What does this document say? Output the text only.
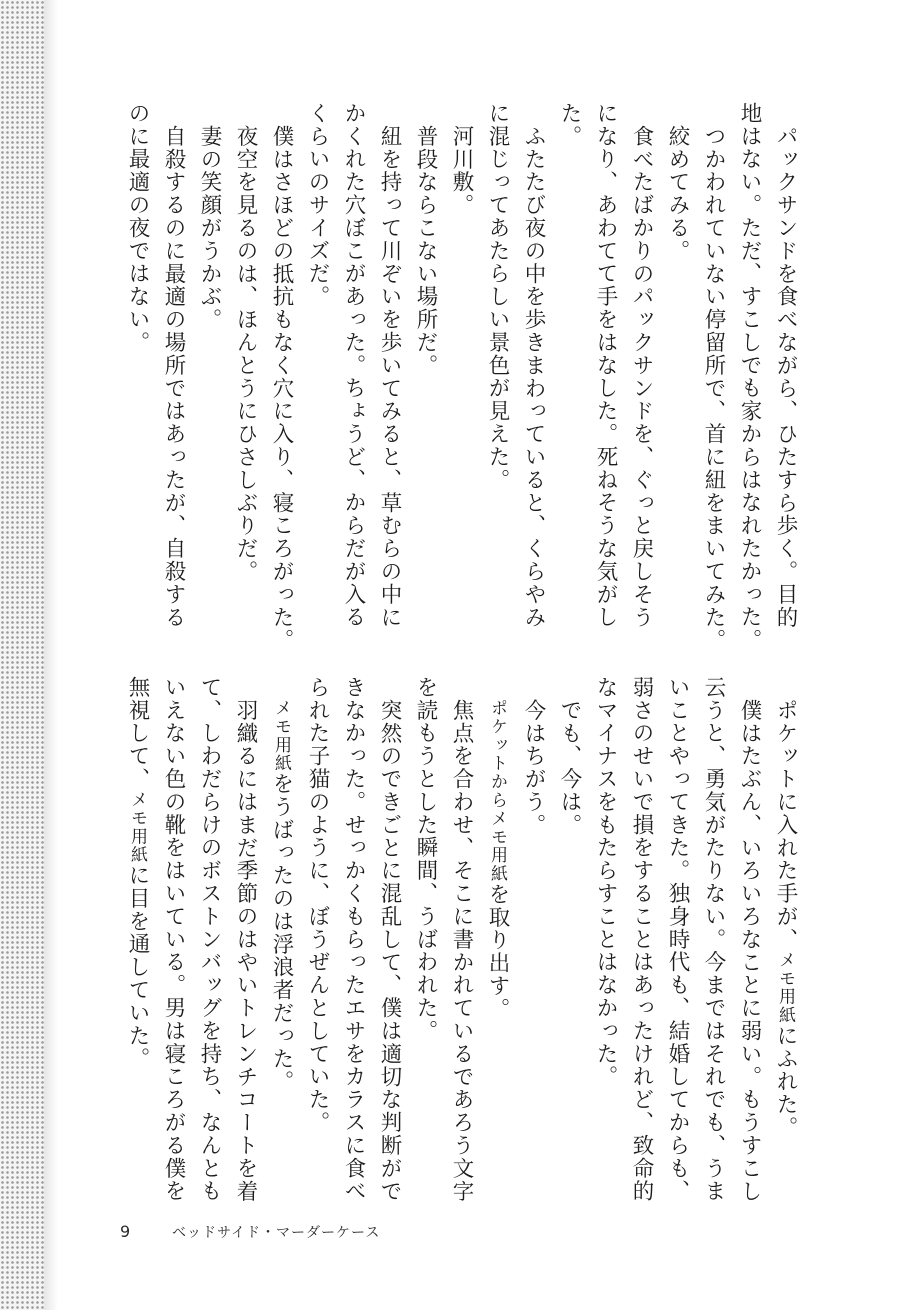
パックサンドを食べながら、ひたすら歩く。目的
地はない。ただ、すこしでも家からはなれたかった。
つかわれていない停留所で、首に紐をまいてみた。
絞めてみる。
食べたばかりのパックサンドを、ぐっと戻しそう
になり、あわてて手をはなした。死ねそうな気がし
た。
ふたたび夜の中を歩きまわっていると、くらやみ
に混じってあたらしい景色が見えた。
河川敷。
普段ならこない場所だ。
紐を持って川ぞいを歩いてみると、草むらの中に
かくれた穴ぼこがあった。ちょうど、からだが入る
くらいのサイズだ。
僕はさほどの抵抗もなく穴に入り、寝ころがった。
夜空を見るのは、ほんとうにひさしぶりだ。
妻の笑顔がうかぶ。
自殺するのに最適の場所ではあったが、自殺する
のに最適の夜ではない。
ポケットに入れた手が、メモ用紙にふれた。
僕はたぶん、いろいろなことに弱い。もうすこし
云うと、勇気がたりない。今まではそれでも、うま
いことやってきた。独身時代も、結婚してからも、
弱さのせいで損をすることはあったけれど、致命的
なマイナスをもたらすことはなかった。
でも、今は。
今はちがう。
ポケットからメモ用紙を取り出す。
焦点を合わせ、そこに書かれているであろう文字
を読もうとした瞬間、うばわれた。
突然のできごとに混乱して、僕は適切な判断がで
きなかった。せっかくもらったエサをカラスに食べ
られた子猫のように、ぼうぜんとしていた。
メモ用紙をうばったのは浮浪者だった。
羽織るにはまだ季節のはやいトレンチコートを着
て、しわだらけのボストンバッグを持ち、なんとも
いえない色の靴をはいている。男は寝ころがる僕を
無視して、メモ用紙に目を通していた。
9	ベッドサイド・マーダーケース
